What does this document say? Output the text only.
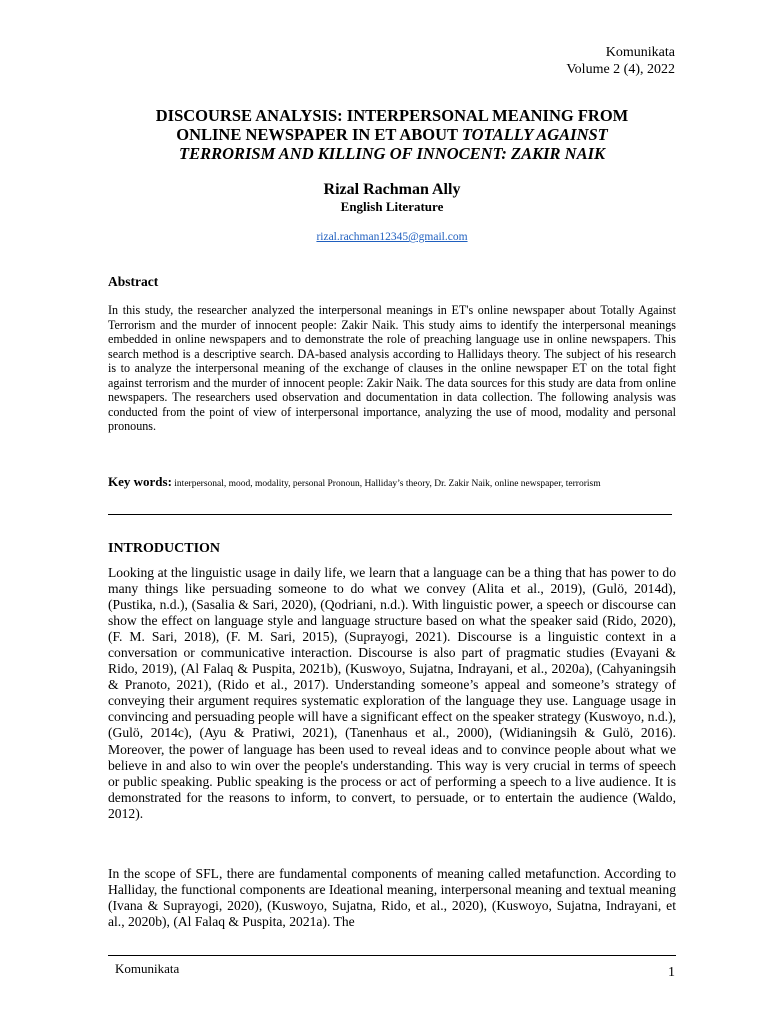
Komunikata
Volume 2 (4), 2022
DISCOURSE ANALYSIS: INTERPERSONAL MEANING FROM
ONLINE NEWSPAPER IN ET ABOUT TOTALLY AGAINST
TERRORISM AND KILLING OF INNOCENT: ZAKIR NAIK
Rizal Rachman Ally
English Literature
rizal.rachman12345@gmail.com
Abstract

In this study, the researcher analyzed the interpersonal meanings in ET's online newspaper about Totally Against Terrorism and the murder of innocent people: Zakir Naik. This study aims to identify the interpersonal meanings embedded in online newspapers and to demonstrate the role of preaching language use in online newspapers. This search method is a descriptive search. DA-based analysis according to Hallidays theory. The subject of his research is to analyze the interpersonal meaning of the exchange of clauses in the online newspaper ET on the total fight against terrorism and the murder of innocent people: Zakir Naik. The data sources for this study are data from online newspapers. The researchers used observation and documentation in data collection. The following analysis was conducted from the point of view of interpersonal importance, analyzing the use of mood, modality and personal pronouns.

Key words: interpersonal, mood, modality, personal Pronoun, Halliday’s theory, Dr. Zakir Naik, online newspaper, terrorism

INTRODUCTION

Looking at the linguistic usage in daily life, we learn that a language can be a thing that has power to do many things like persuading someone to do what we convey (Alita et al., 2019), (Gulö, 2014d), (Pustika, n.d.), (Sasalia & Sari, 2020), (Qodriani, n.d.). With linguistic power, a speech or discourse can show the effect on language style and language structure based on what the speaker said (Rido, 2020), (F. M. Sari, 2018), (F. M. Sari, 2015), (Suprayogi, 2021). Discourse is a linguistic context in a conversation or communicative interaction. Discourse is also part of pragmatic studies (Evayani & Rido, 2019), (Al Falaq & Puspita, 2021b), (Kuswoyo, Sujatna, Indrayani, et al., 2020a), (Cahyaningsih & Pranoto, 2021), (Rido et al., 2017). Understanding someone’s appeal and someone’s strategy of conveying their argument requires systematic exploration of the language they use. Language usage in convincing and persuading people will have a significant effect on the speaker strategy (Kuswoyo, n.d.), (Gulö, 2014c), (Ayu & Pratiwi, 2021), (Tanenhaus et al., 2000), (Widianingsih & Gulö, 2016). Moreover, the power of language has been used to reveal ideas and to convince people about what we believe in and also to win over the people's understanding. This way is very crucial in terms of speech or public speaking. Public speaking is the process or act of performing a speech to a live audience. It is demonstrated for the reasons to inform, to convert, to persuade, or to entertain the audience (Waldo, 2012).

In the scope of SFL, there are fundamental components of meaning called metafunction. According to Halliday, the functional components are Ideational meaning, interpersonal meaning and textual meaning (Ivana & Suprayogi, 2020), (Kuswoyo, Sujatna, Rido, et al., 2020), (Kuswoyo, Sujatna, Indrayani, et al., 2020b), (Al Falaq & Puspita, 2021a). The

Komunikata	1
